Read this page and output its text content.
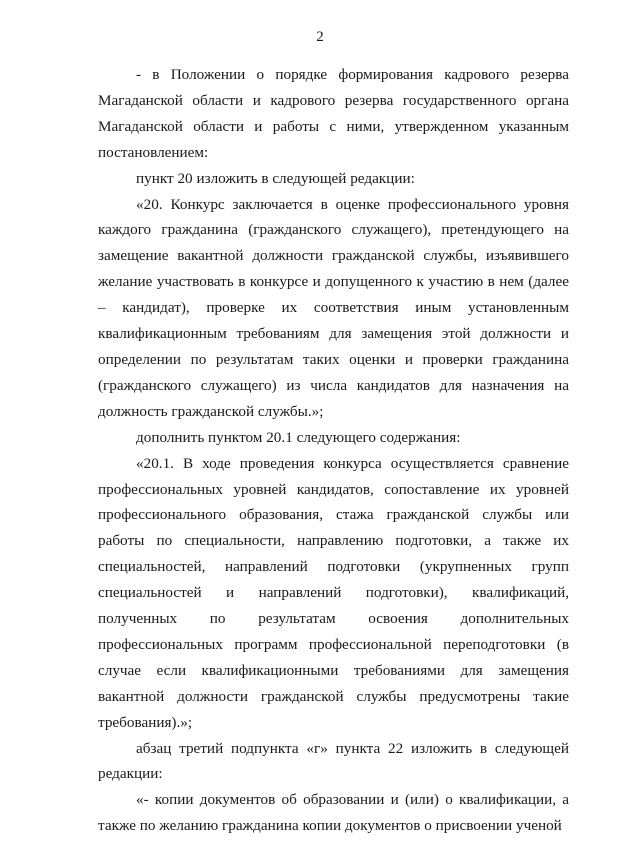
2

- в Положении о порядке формирования кадрового резерва Магаданской области и кадрового резерва государственного органа Магаданской области и работы с ними, утвержденном указанным постановлением:

пункт 20 изложить в следующей редакции:

«20. Конкурс заключается в оценке профессионального уровня каждого гражданина (гражданского служащего), претендующего на замещение вакантной должности гражданской службы, изъявившего желание участвовать в конкурсе и допущенного к участию в нем (далее – кандидат), проверке их соответствия иным установленным квалификационным требованиям для замещения этой должности и определении по результатам таких оценки и проверки гражданина (гражданского служащего) из числа кандидатов для назначения на должность гражданской службы.»;

дополнить пунктом 20.1 следующего содержания:

«20.1. В ходе проведения конкурса осуществляется сравнение профессиональных уровней кандидатов, сопоставление их уровней профессионального образования, стажа гражданской службы или работы по специальности, направлению подготовки, а также их специальностей, направлений подготовки (укрупненных групп специальностей и направлений подготовки), квалификаций, полученных по результатам освоения дополнительных профессиональных программ профессиональной переподготовки (в случае если квалификационными требованиями для замещения вакантной должности гражданской службы предусмотрены такие требования).»;

абзац третий подпункта «г» пункта 22 изложить в следующей редакции:

«- копии документов об образовании и (или) о квалификации, а также по желанию гражданина копии документов о присвоении ученой
